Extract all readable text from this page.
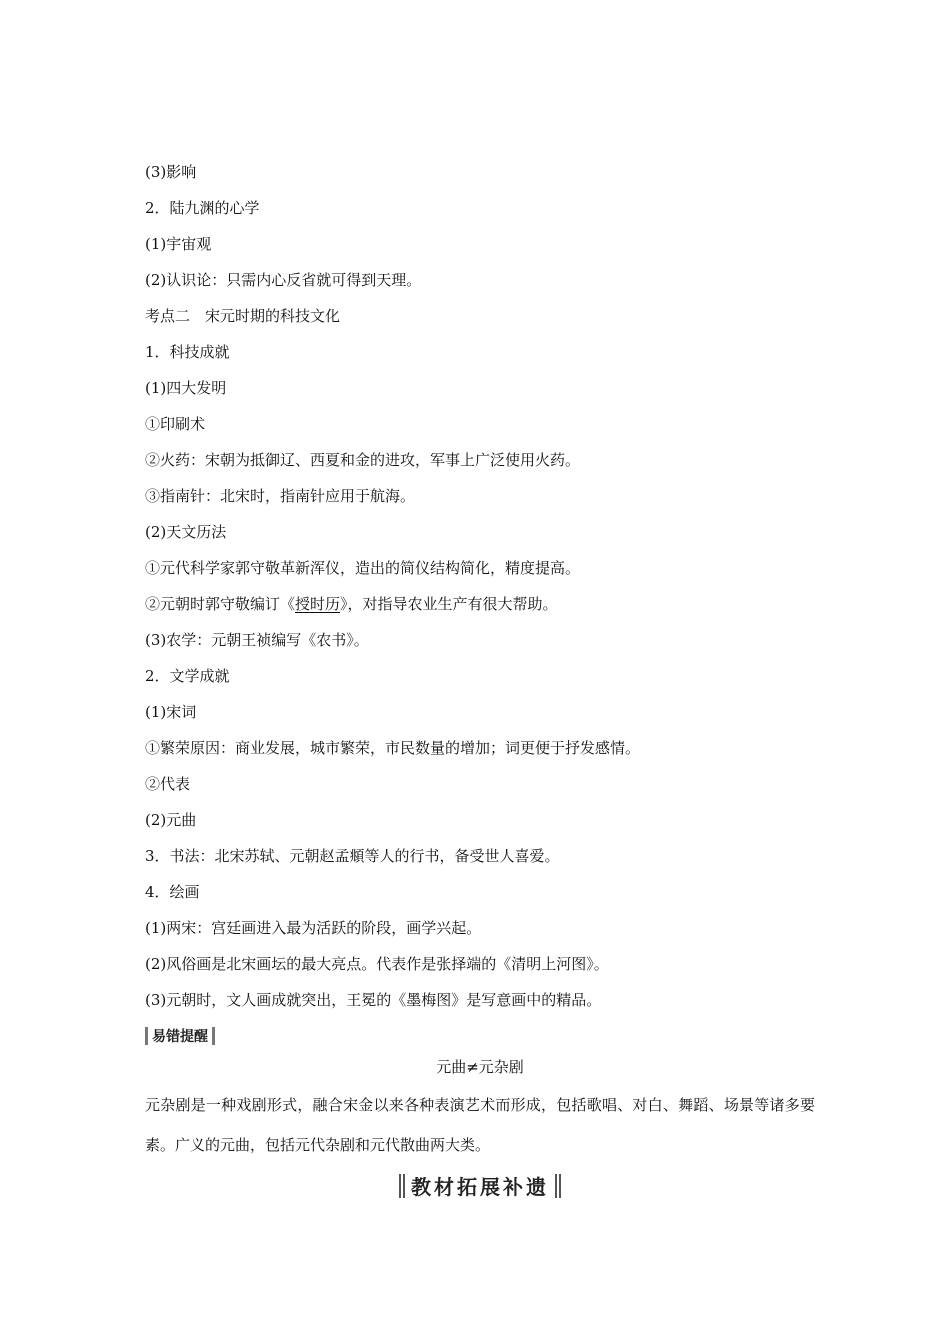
(3)影响
2．陆九渊的心学
(1)宇宙观
(2)认识论：只需内心反省就可得到天理。
考点二　宋元时期的科技文化
1．科技成就
(1)四大发明
①印刷术
②火药：宋朝为抵御辽、西夏和金的进攻，军事上广泛使用火药。
③指南针：北宋时，指南针应用于航海。
(2)天文历法
①元代科学家郭守敬革新浑仪，造出的简仪结构简化，精度提高。
②元朝时郭守敬编订《授时历》，对指导农业生产有很大帮助。
(3)农学：元朝王祯编写《农书》。
2．文学成就
(1)宋词
①繁荣原因：商业发展，城市繁荣，市民数量的增加；词更便于抒发感情。
②代表
(2)元曲
3．书法：北宋苏轼、元朝赵孟頫等人的行书，备受世人喜爱。
4．绘画
(1)两宋：宫廷画进入最为活跃的阶段，画学兴起。
(2)风俗画是北宋画坛的最大亮点。代表作是张择端的《清明上河图》。
(3)元朝时，文人画成就突出，王冕的《墨梅图》是写意画中的精品。
易错提醒
元曲≠元杂剧
元杂剧是一种戏剧形式，融合宋金以来各种表演艺术而形成，包括歌唱、对白、舞蹈、场景等诸多要素。广义的元曲，包括元代杂剧和元代散曲两大类。
教材拓展补遗
